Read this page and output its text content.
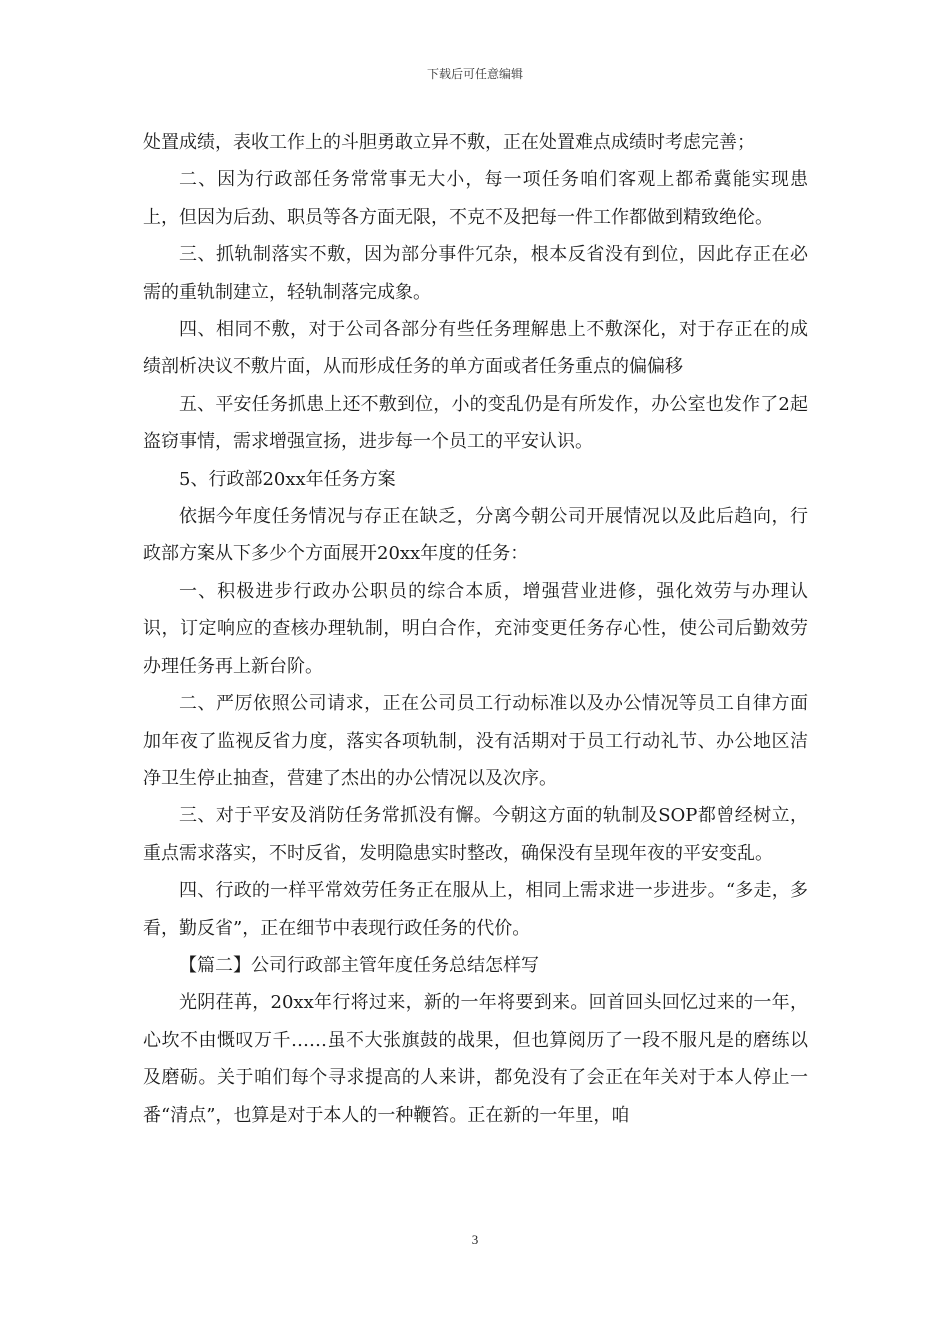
下载后可任意编辑

处置成绩，表收工作上的斗胆勇敢立异不敷，正在处置难点成绩时考虑完善；

二、因为行政部任务常常事无大小，每一项任务咱们客观上都希冀能实现患上，但因为后劲、职员等各方面无限，不克不及把每一件工作都做到精致绝伦。

三、抓轨制落实不敷，因为部分事件冗杂，根本反省没有到位，因此存正在必需的重轨制建立，轻轨制落完成象。

四、相同不敷，对于公司各部分有些任务理解患上不敷深化，对于存正在的成绩剖析决议不敷片面，从而形成任务的单方面或者任务重点的偏偏移

五、平安任务抓患上还不敷到位，小的变乱仍是有所发作，办公室也发作了2起盗窃事情，需求增强宣扬，进步每一个员工的平安认识。

5、行政部20xx年任务方案

依据今年度任务情况与存正在缺乏，分离今朝公司开展情况以及此后趋向，行政部方案从下多少个方面展开20xx年度的任务：

一、积极进步行政办公职员的综合本质，增强营业进修，强化效劳与办理认识，订定响应的查核办理轨制，明白合作，充沛变更任务存心性，使公司后勤效劳办理任务再上新台阶。

二、严厉依照公司请求，正在公司员工行动标准以及办公情况等员工自律方面加年夜了监视反省力度，落实各项轨制，没有活期对于员工行动礼节、办公地区洁净卫生停止抽查，营建了杰出的办公情况以及次序。

三、对于平安及消防任务常抓没有懈。今朝这方面的轨制及SOP都曾经树立，重点需求落实，不时反省，发明隐患实时整改，确保没有呈现年夜的平安变乱。

四、行政的一样平常效劳任务正在服从上，相同上需求进一步进步。“多走，多看，勤反省”，正在细节中表现行政任务的代价。

【篇二】公司行政部主管年度任务总结怎样写

光阴荏苒，20xx年行将过来，新的一年将要到来。回首回头回忆过来的一年，心坎不由慨叹万千……虽不大张旗鼓的战果，但也算阅历了一段不服凡是的磨练以及磨砺。关于咱们每个寻求提高的人来讲，都免没有了会正在年关对于本人停止一番“清点”，也算是对于本人的一种鞭笞。正在新的一年里，咱

3
